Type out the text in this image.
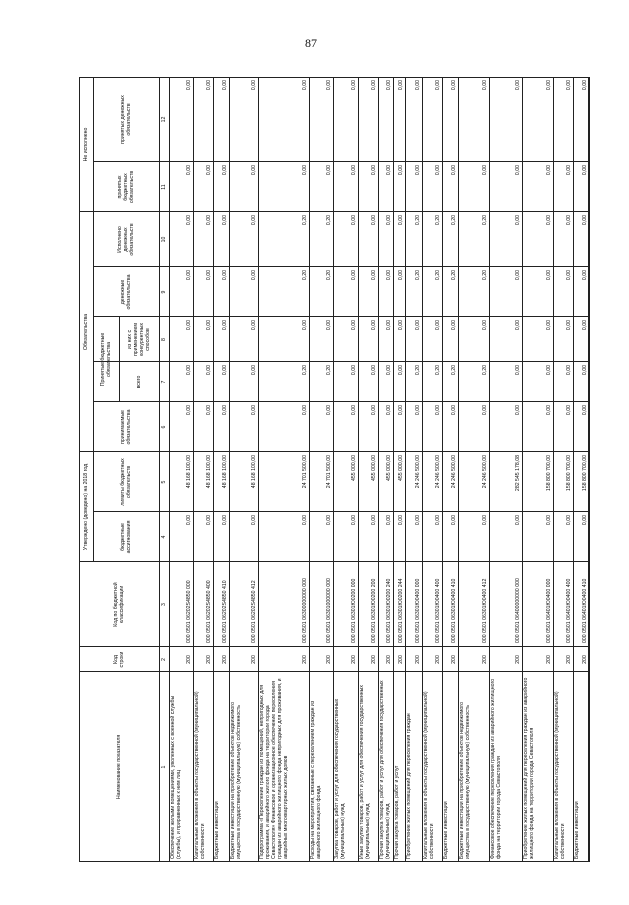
87
Наименование показателя
Код строки
Код по бюджетной классификации
Утверждено (доведено) на 2018 год	бюджетные ассигнования
лимиты бюджетных обязательств
Обязательства
принимаемые обязательства
Принятые бюджетные обязательства
всего
из них с применением конкурентных способов
денежные обязательства
Исполнено денежных обязательств
Не исполнено
принятых бюджетных обязательств
принятых денежных обязательств
1
2
3
4
5
6
7
8
9
10
11
12
Обеспечение жилыми помещениями, уволенных с военной службы (службы), и приравненных к ним лиц
200
000 0501 06202S4850 000
0,00
48 168 100,00
0,00
0,00
0,00
0,00
0,00
0,00
0,00
Капитальные вложения в объекты государственной (муниципальной) собственности
200
000 0501 06202S4850 400
0,00
48 168 100,00
0,00
0,00
0,00
0,00
0,00
0,00
0,00
Бюджетные инвестиции
200
000 0501 06202S4850 410
0,00
48 168 100,00
0,00
0,00
0,00
0,00
0,00
0,00
0,00
Бюджетные инвестиции на приобретение объектов недвижимого имущества в государственную (муниципальную) собственность
200
000 0501 06202S4850 412
0,00
48 168 100,00
0,00
0,00
0,00
0,00
0,00
0,00
0,00
Подпрограмма «Переселение граждан из помещений, непригодных для проживания, и аварийного жилого фонда на территории города Севастополя» Финансовое и организационное обеспечение переселения граждан из аварийного жилищного фонда непригодных для проживания, и аварийных многоквартирных жилых домов
200
000 0501 06300000000 000
0,00
24 701 500,00
0,00
0,20
0,00
0,20
0,20
0,00
0,00
Расходы на мероприятия, связанные с переселением граждан из аварийного жилищного фонда
200
000 0501 06301000000 000
0,00
24 701 500,00
0,00
0,20
0,00
0,20
0,20
0,00
0,00
Закупка товаров, работ и услуг для обеспечения государственных (муниципальных) нужд
200
000 0501 06301Ю0200 000
0,00
455 000,00
0,00
0,00
0,00
0,00
0,00
0,00
0,00
Иные закупки товаров, работ и услуг для обеспечения государственных (муниципальных) нужд
200
000 0501 06301Ю0200 200
0,00
455 000,00
0,00
0,00
0,00
0,00
0,00
0,00
0,00
Прочая закупка товаров, работ и услуг для обеспечения государственных (муниципальных) нужд
200
000 0501 06301Ю0200 240
0,00
455 000,00
0,00
0,00
0,00
0,00
0,00
0,00
0,00
Прочая закупка товаров, работ и услуг
200
000 0501 06301Ю0200 244
0,00
455 000,00
0,00
0,00
0,00
0,00
0,00
0,00
0,00
Приобретение жилых помещений для переселения граждан
200
000 0501 06301Ю0400 000
0,00
24 246 500,00
0,00
0,20
0,00
0,20
0,20
0,00
0,00
Капитальные вложения в объекты государственной (муниципальной) собственности
200
000 0501 06301Ю0400 400
0,00
24 246 500,00
0,00
0,20
0,00
0,20
0,20
0,00
0,00
Бюджетные инвестиции
200
000 0501 06301Ю0400 410
0,00
24 246 500,00
0,00
0,20
0,00
0,20
0,20
0,00
0,00
Бюджетные инвестиции на приобретение объектов недвижимого имущества в государственную (муниципальную) собственность
200
000 0501 06301Ю0400 412
0,00
24 246 500,00
0,00
0,20
0,00
0,20
0,20
0,00
0,00
Финансовое обеспечение переселения граждан из аварийного жилищного фонда на территории города Севастополя
200
000 0501 06400000000 000
0,00
282 545 178,08
0,00
0,00
0,00
0,00
0,00
0,00
0,00
Приобретение жилых помещений для переселения граждан из аварийного жилищного фонда на территории города Севастополя
200
000 0501 06401Ю0400 000
0,00
158 800 700,00
0,00
0,00
0,00
0,00
0,00
0,00
0,00
Капитальные вложения в объекты государственной (муниципальной) собственности
200
000 0501 06401Ю0400 400
0,00
158 800 700,00
0,00
0,00
0,00
0,00
0,00
0,00
0,00
Бюджетные инвестиции
200
000 0501 06401Ю0400 410
0,00
158 800 700,00
0,00
0,00
0,00
0,00
0,00
0,00
0,00
